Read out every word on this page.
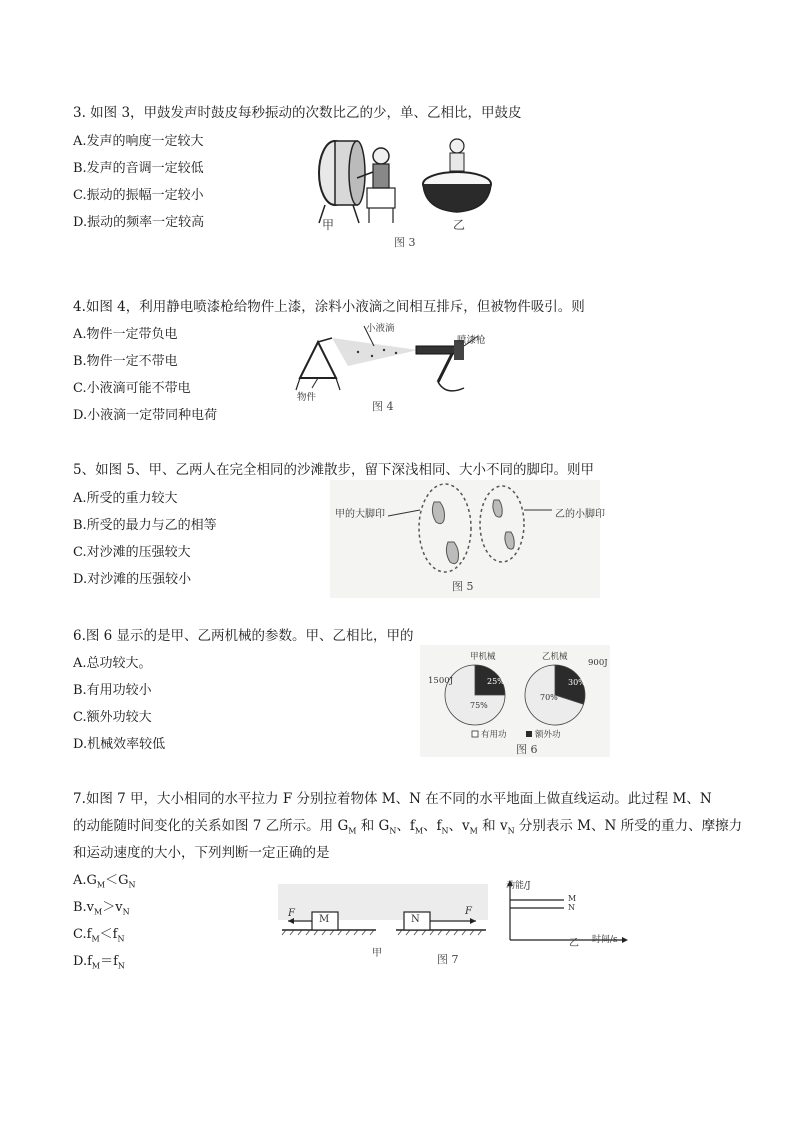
3. 如图 3，甲鼓发声时鼓皮每秒振动的次数比乙的少，单、乙相比，甲鼓皮
A.发声的响度一定较大
B.发声的音调一定较低
C.振动的振幅一定较小
D.振动的频率一定较高	甲	乙
图 3
4.如图 4，利用静电喷漆枪给物件上漆，涂料小液滴之间相互排斥，但被物件吸引。则
A.物件一定带负电
B.物件一定不带电
C.小液滴可能不带电
D.小液滴一定带同种电荷
小液滴
喷漆枪
物件
图 4
5、如图 5、甲、乙两人在完全相同的沙滩散步，留下深浅相同、大小不同的脚印。则甲
A.所受的重力较大
B.所受的最力与乙的相等
C.对沙滩的压强较大
D.对沙滩的压强较小
甲的大脚印	乙的小脚印
图 5
6.图 6 显示的是甲、乙两机械的参数。甲、乙相比，甲的
A.总功较大。
B.有用功较小
C.额外功较大
D.机械效率较低
甲机械	乙机械
1500J
900J
25%
75%
30%
70%
有用功	额外功
图 6
7.如图 7 甲，大小相同的水平拉力 F 分别拉着物体 M、N 在不同的水平地面上做直线运动。此过程 M、N
的动能随时间变化的关系如图 7 乙所示。用 $G_M$ 和 $G_N$、$f_M$、$f_N$、$v_M$ 和 $v_N$ 分别表示 M、N 所受的重力、摩擦力
和运动速度的大小，下列判断一定正确的是
$A.G_M<G_N$
$B.v_M>v_N$
$C.f_M<f_N$
$D.f_M=f_N$
M	N
F	F
甲
动能/J
M
N
时间/s
乙
图 7
